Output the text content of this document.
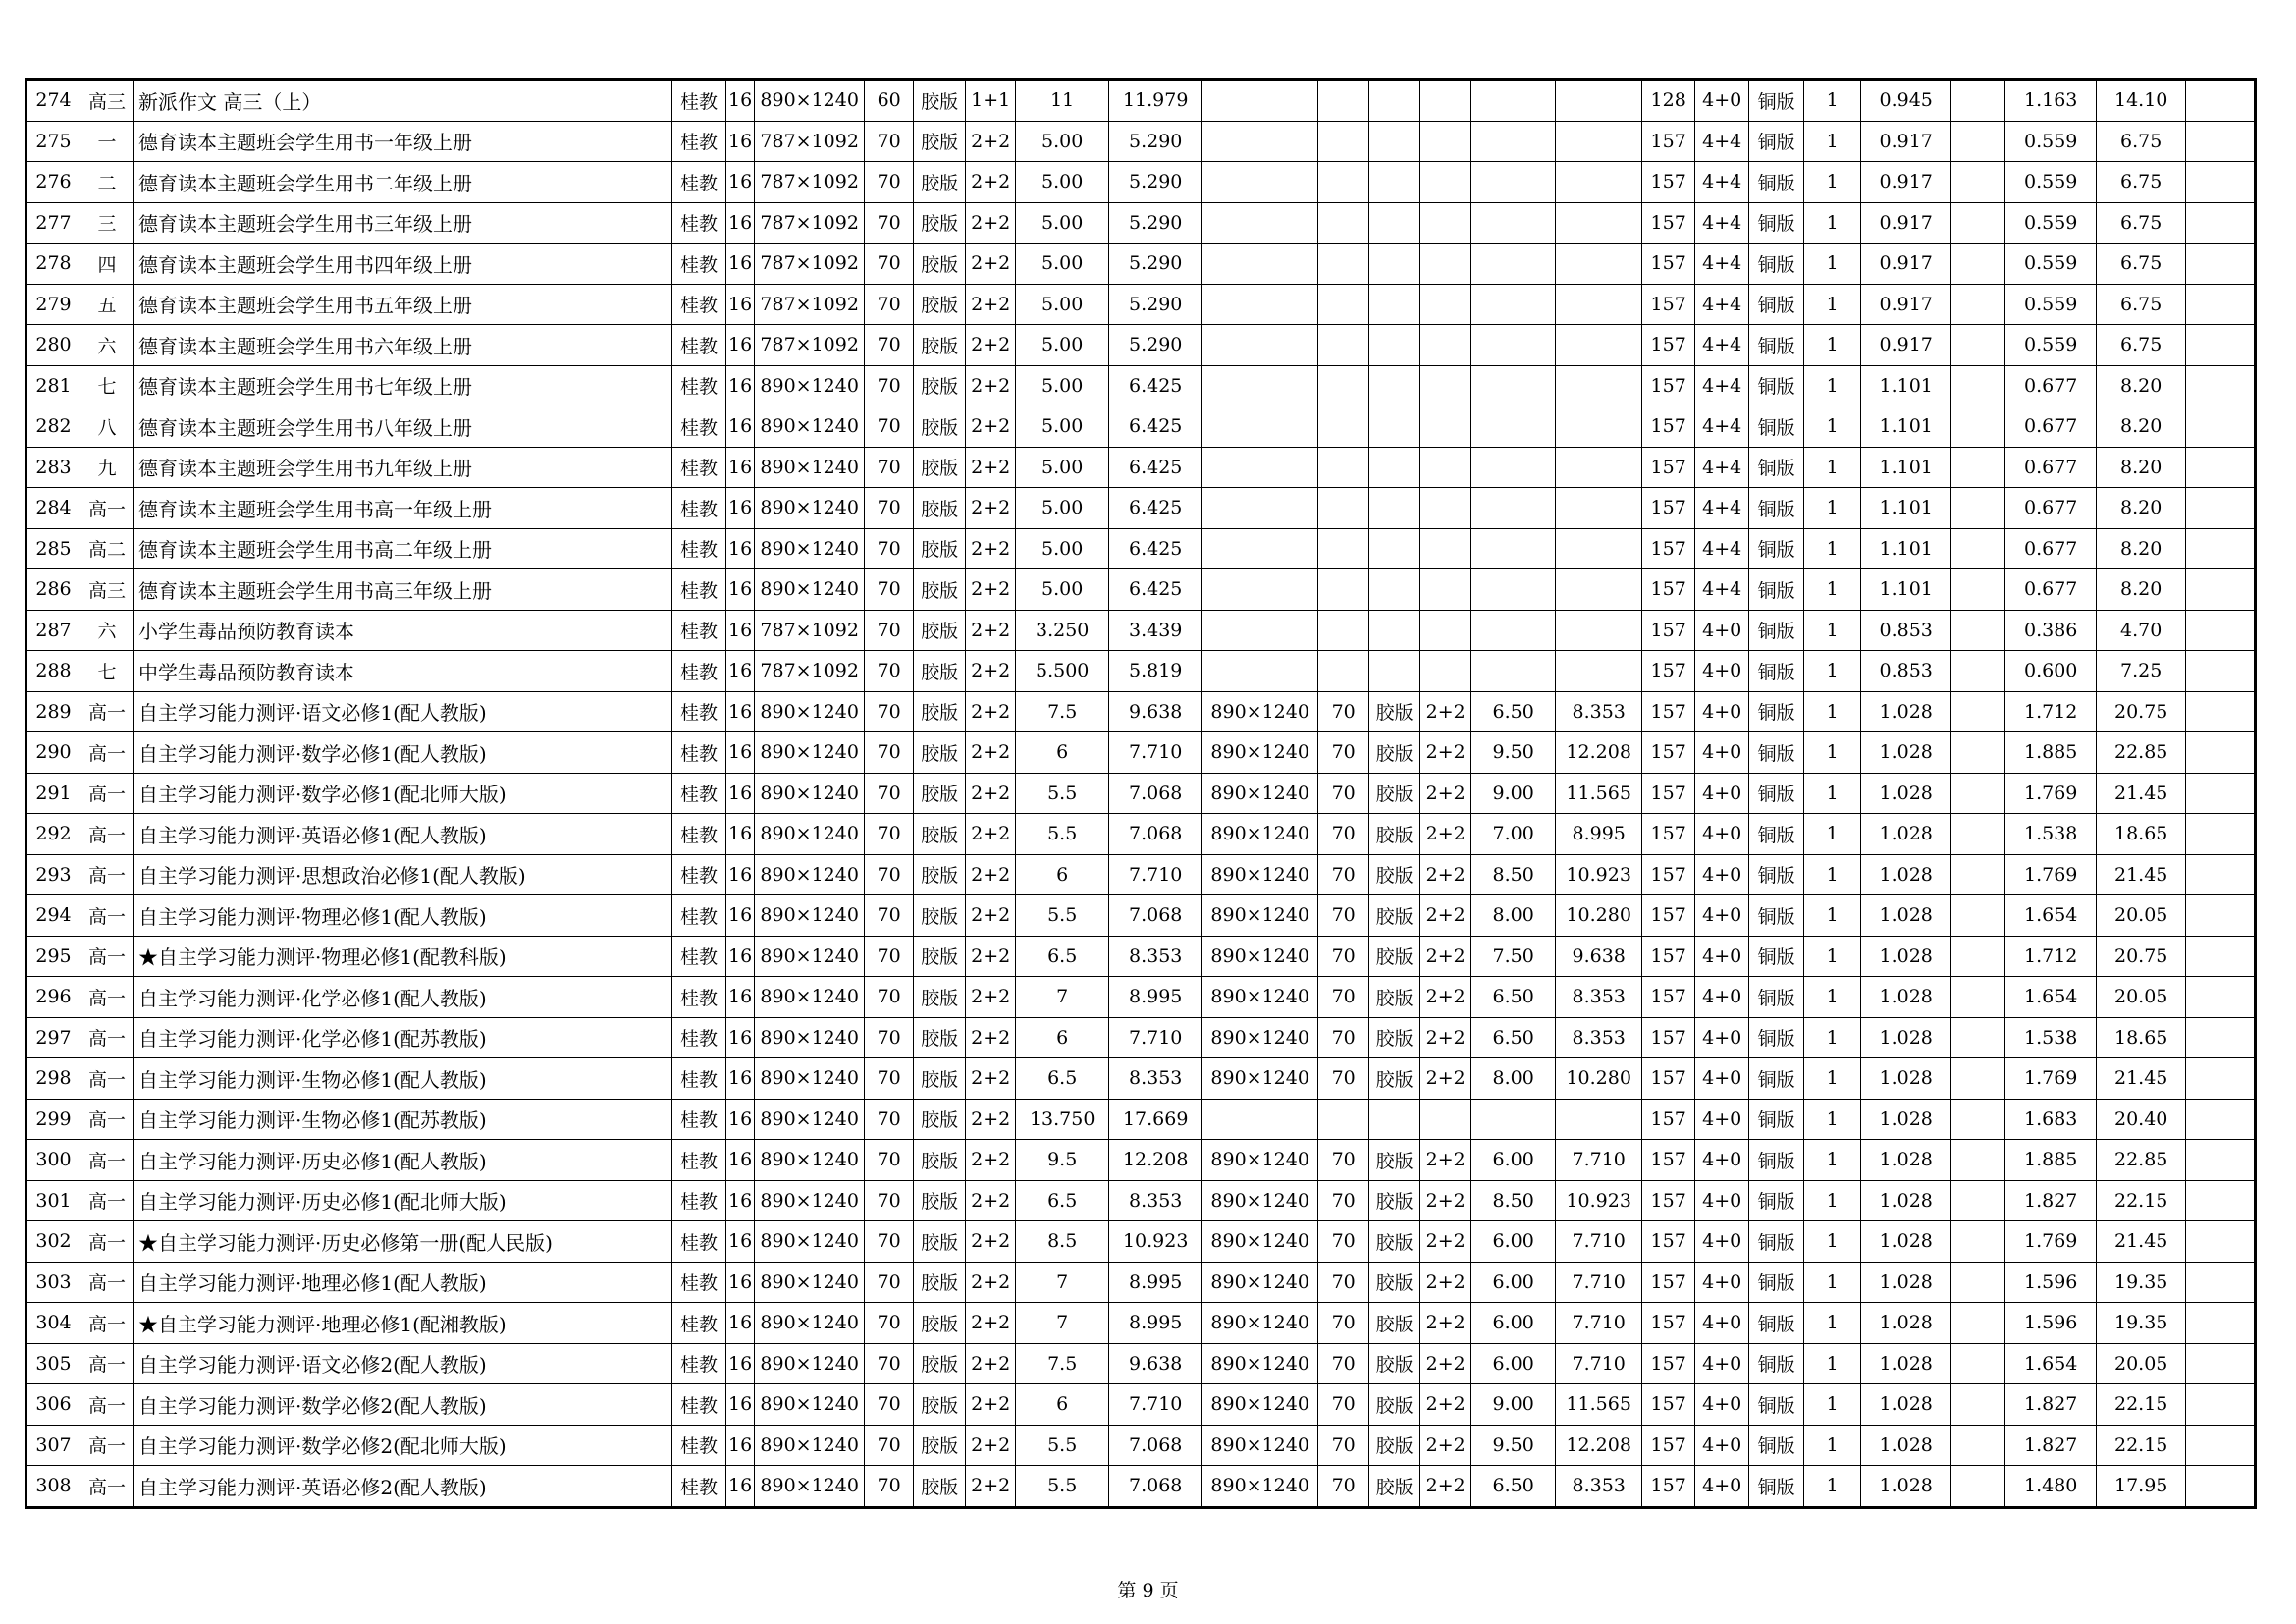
274	高三	新派作文 高三（上）	桂教	16	890×1240	60	胶版	1+1	11	11.979							128	4+0	铜版	1	0.945		1.163	14.10	
275	一	德育读本主题班会学生用书一年级上册	桂教	16	787×1092	70	胶版	2+2	5.00	5.290							157	4+4	铜版	1	0.917		0.559	6.75	
276	二	德育读本主题班会学生用书二年级上册	桂教	16	787×1092	70	胶版	2+2	5.00	5.290							157	4+4	铜版	1	0.917		0.559	6.75	
277	三	德育读本主题班会学生用书三年级上册	桂教	16	787×1092	70	胶版	2+2	5.00	5.290							157	4+4	铜版	1	0.917		0.559	6.75	
278	四	德育读本主题班会学生用书四年级上册	桂教	16	787×1092	70	胶版	2+2	5.00	5.290							157	4+4	铜版	1	0.917		0.559	6.75	
279	五	德育读本主题班会学生用书五年级上册	桂教	16	787×1092	70	胶版	2+2	5.00	5.290							157	4+4	铜版	1	0.917		0.559	6.75	
280	六	德育读本主题班会学生用书六年级上册	桂教	16	787×1092	70	胶版	2+2	5.00	5.290							157	4+4	铜版	1	0.917		0.559	6.75	
281	七	德育读本主题班会学生用书七年级上册	桂教	16	890×1240	70	胶版	2+2	5.00	6.425							157	4+4	铜版	1	1.101		0.677	8.20	
282	八	德育读本主题班会学生用书八年级上册	桂教	16	890×1240	70	胶版	2+2	5.00	6.425							157	4+4	铜版	1	1.101		0.677	8.20	
283	九	德育读本主题班会学生用书九年级上册	桂教	16	890×1240	70	胶版	2+2	5.00	6.425							157	4+4	铜版	1	1.101		0.677	8.20	
284	高一	德育读本主题班会学生用书高一年级上册	桂教	16	890×1240	70	胶版	2+2	5.00	6.425							157	4+4	铜版	1	1.101		0.677	8.20	
285	高二	德育读本主题班会学生用书高二年级上册	桂教	16	890×1240	70	胶版	2+2	5.00	6.425							157	4+4	铜版	1	1.101		0.677	8.20	
286	高三	德育读本主题班会学生用书高三年级上册	桂教	16	890×1240	70	胶版	2+2	5.00	6.425							157	4+4	铜版	1	1.101		0.677	8.20	
287	六	小学生毒品预防教育读本	桂教	16	787×1092	70	胶版	2+2	3.250	3.439							157	4+0	铜版	1	0.853		0.386	4.70	
288	七	中学生毒品预防教育读本	桂教	16	787×1092	70	胶版	2+2	5.500	5.819							157	4+0	铜版	1	0.853		0.600	7.25	
289	高一	自主学习能力测评·语文必修1(配人教版)	桂教	16	890×1240	70	胶版	2+2	7.5	9.638	890×1240	70	胶版	2+2	6.50	8.353	157	4+0	铜版	1	1.028		1.712	20.75	
290	高一	自主学习能力测评·数学必修1(配人教版)	桂教	16	890×1240	70	胶版	2+2	6	7.710	890×1240	70	胶版	2+2	9.50	12.208	157	4+0	铜版	1	1.028		1.885	22.85	
291	高一	自主学习能力测评·数学必修1(配北师大版)	桂教	16	890×1240	70	胶版	2+2	5.5	7.068	890×1240	70	胶版	2+2	9.00	11.565	157	4+0	铜版	1	1.028		1.769	21.45	
292	高一	自主学习能力测评·英语必修1(配人教版)	桂教	16	890×1240	70	胶版	2+2	5.5	7.068	890×1240	70	胶版	2+2	7.00	8.995	157	4+0	铜版	1	1.028		1.538	18.65	
293	高一	自主学习能力测评·思想政治必修1(配人教版)	桂教	16	890×1240	70	胶版	2+2	6	7.710	890×1240	70	胶版	2+2	8.50	10.923	157	4+0	铜版	1	1.028		1.769	21.45	
294	高一	自主学习能力测评·物理必修1(配人教版)	桂教	16	890×1240	70	胶版	2+2	5.5	7.068	890×1240	70	胶版	2+2	8.00	10.280	157	4+0	铜版	1	1.028		1.654	20.05	
295	高一	★自主学习能力测评·物理必修1(配教科版)	桂教	16	890×1240	70	胶版	2+2	6.5	8.353	890×1240	70	胶版	2+2	7.50	9.638	157	4+0	铜版	1	1.028		1.712	20.75	
296	高一	自主学习能力测评·化学必修1(配人教版)	桂教	16	890×1240	70	胶版	2+2	7	8.995	890×1240	70	胶版	2+2	6.50	8.353	157	4+0	铜版	1	1.028		1.654	20.05	
297	高一	自主学习能力测评·化学必修1(配苏教版)	桂教	16	890×1240	70	胶版	2+2	6	7.710	890×1240	70	胶版	2+2	6.50	8.353	157	4+0	铜版	1	1.028		1.538	18.65	
298	高一	自主学习能力测评·生物必修1(配人教版)	桂教	16	890×1240	70	胶版	2+2	6.5	8.353	890×1240	70	胶版	2+2	8.00	10.280	157	4+0	铜版	1	1.028		1.769	21.45	
299	高一	自主学习能力测评·生物必修1(配苏教版)	桂教	16	890×1240	70	胶版	2+2	13.750	17.669							157	4+0	铜版	1	1.028		1.683	20.40	
300	高一	自主学习能力测评·历史必修1(配人教版)	桂教	16	890×1240	70	胶版	2+2	9.5	12.208	890×1240	70	胶版	2+2	6.00	7.710	157	4+0	铜版	1	1.028		1.885	22.85	
301	高一	自主学习能力测评·历史必修1(配北师大版)	桂教	16	890×1240	70	胶版	2+2	6.5	8.353	890×1240	70	胶版	2+2	8.50	10.923	157	4+0	铜版	1	1.028		1.827	22.15	
302	高一	★自主学习能力测评·历史必修第一册(配人民版)	桂教	16	890×1240	70	胶版	2+2	8.5	10.923	890×1240	70	胶版	2+2	6.00	7.710	157	4+0	铜版	1	1.028		1.769	21.45	
303	高一	自主学习能力测评·地理必修1(配人教版)	桂教	16	890×1240	70	胶版	2+2	7	8.995	890×1240	70	胶版	2+2	6.00	7.710	157	4+0	铜版	1	1.028		1.596	19.35	
304	高一	★自主学习能力测评·地理必修1(配湘教版)	桂教	16	890×1240	70	胶版	2+2	7	8.995	890×1240	70	胶版	2+2	6.00	7.710	157	4+0	铜版	1	1.028		1.596	19.35	
305	高一	自主学习能力测评·语文必修2(配人教版)	桂教	16	890×1240	70	胶版	2+2	7.5	9.638	890×1240	70	胶版	2+2	6.00	7.710	157	4+0	铜版	1	1.028		1.654	20.05	
306	高一	自主学习能力测评·数学必修2(配人教版)	桂教	16	890×1240	70	胶版	2+2	6	7.710	890×1240	70	胶版	2+2	9.00	11.565	157	4+0	铜版	1	1.028		1.827	22.15	
307	高一	自主学习能力测评·数学必修2(配北师大版)	桂教	16	890×1240	70	胶版	2+2	5.5	7.068	890×1240	70	胶版	2+2	9.50	12.208	157	4+0	铜版	1	1.028		1.827	22.15	
308	高一	自主学习能力测评·英语必修2(配人教版)	桂教	16	890×1240	70	胶版	2+2	5.5	7.068	890×1240	70	胶版	2+2	6.50	8.353	157	4+0	铜版	1	1.028		1.480	17.95	
第 9 页
